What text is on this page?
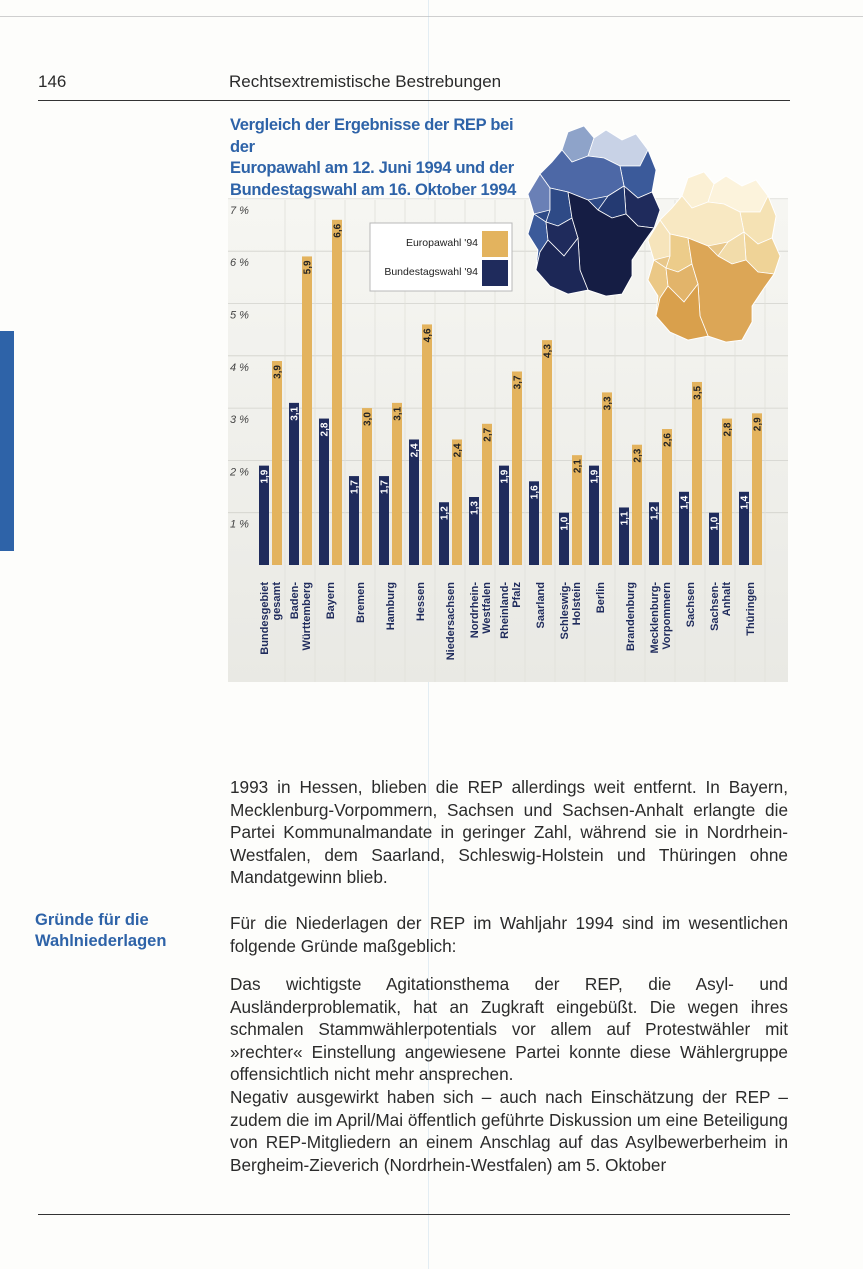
146	Rechtsextremistische Bestrebungen
1 %
2 %
3 %
4 %
5 %
6 %
7 %
Europawahl '94
Bundestagswahl '94
1,9
3,9
3,1
5,9
2,8
6,6
1,7
3,0
1,7
3,1
2,4
4,6
1,2
2,4
1,3
2,7
1,9
3,7
1,6
4,3
1,0
2,1
1,9
3,3
1,1
2,3
1,2
2,6
1,4
3,5
1,0
2,8
1,4
2,9
Bundesgebiet gesamt Baden- Württemberg Bayern Bremen Hamburg Hessen Niedersachsen Nordrhein- Westfalen Rheinland- Pfalz Saarland Schleswig- Holstein Berlin Brandenburg Mecklenburg- Vorpommern Sachsen Sachsen- Anhalt Thüringen
Vergleich der Ergebnisse der REP bei der
Europawahl am 12. Juni 1994 und der
Bundestagswahl am 16. Oktober 1994
1993 in Hessen, blieben die REP allerdings weit entfernt. In Bayern, Mecklenburg-Vorpommern, Sachsen und Sachsen-Anhalt erlangte die Partei Kommunalmandate in geringer Zahl, während sie in Nordrhein-Westfalen, dem Saarland, Schleswig-Holstein und Thüringen ohne Mandatgewinn blieb.
Gründe für die
Wahlniederlagen
Für die Niederlagen der REP im Wahljahr 1994 sind im wesentlichen folgende Gründe maßgeblich:
Das wichtigste Agitationsthema der REP, die Asyl- und Ausländerproblematik, hat an Zugkraft eingebüßt. Die wegen ihres schmalen Stammwählerpotentials vor allem auf Protestwähler mit »rechter« Einstellung angewiesene Partei konnte diese Wählergruppe offensichtlich nicht mehr ansprechen.
Negativ ausgewirkt haben sich – auch nach Einschätzung der REP – zudem die im April/Mai öffentlich geführte Diskussion um eine Beteiligung von REP-Mitgliedern an einem Anschlag auf das Asylbewerberheim in Bergheim-Zieverich (Nordrhein-Westfalen) am 5. Oktober
